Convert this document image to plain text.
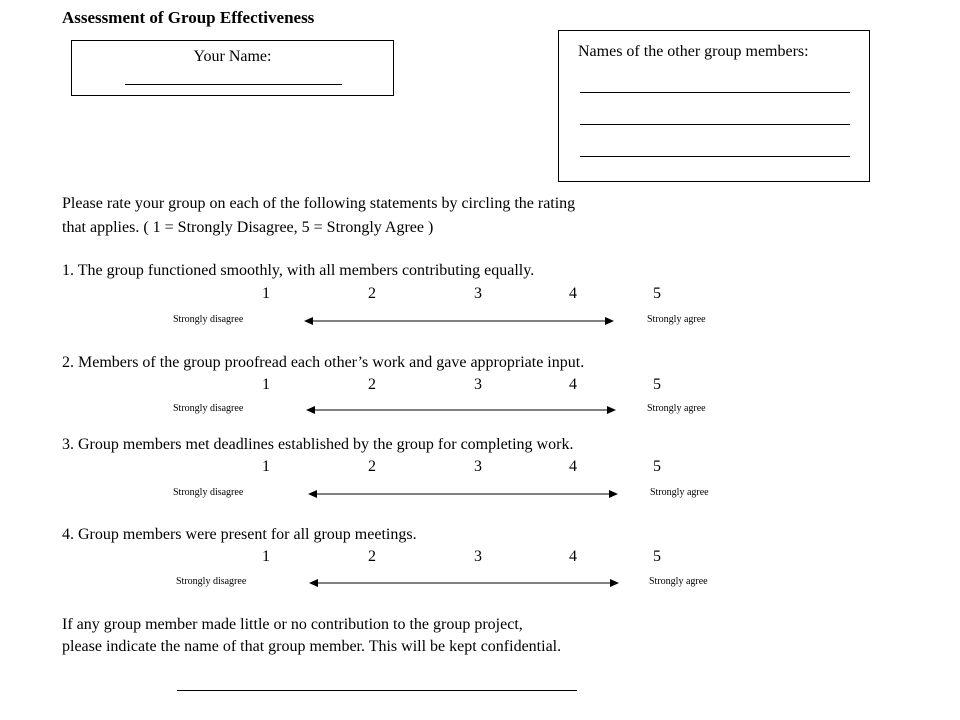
Assessment of Group Effectiveness
Your Name:	Names of the other group members:
Please rate your group on each of the following statements by circling the rating
that applies. ( 1 = Strongly Disagree, 5 = Strongly Agree )
1. The group functioned smoothly, with all members contributing equally.
1	2	3	4	5
Strongly disagree	Strongly agree
2. Members of the group proofread each other’s work and gave appropriate input.
1	2	3	4	5
Strongly disagree	Strongly agree
3. Group members met deadlines established by the group for completing work.
1	2	3	4	5
Strongly disagree	Strongly agree
4. Group members were present for all group meetings.
1	2	3	4	5
Strongly disagree	Strongly agree
If any group member made little or no contribution to the group project,
please indicate the name of that group member. This will be kept confidential.
